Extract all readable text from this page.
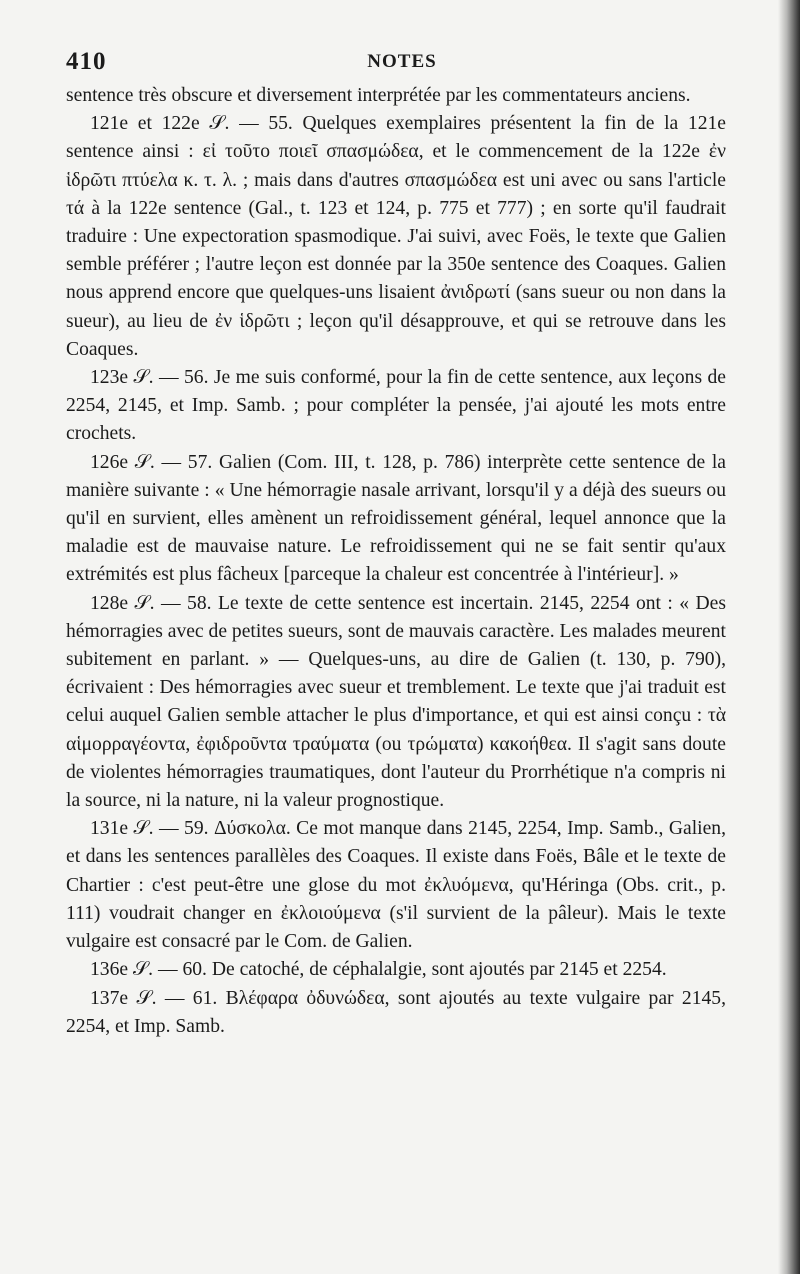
410	NOTES

sentence très obscure et diversement interprétée par les commentateurs anciens.

121e et 122e 𝒮. — 55. Quelques exemplaires présentent la fin de la 121e sentence ainsi : εἰ τοῦτο ποιεῖ σπασμώδεα, et le commencement de la 122e ἐν ἱδρῶτι πτύελα κ. τ. λ. ; mais dans d'autres σπασμώδεα est uni avec ou sans l'article τά à la 122e sentence (Gal., t. 123 et 124, p. 775 et 777) ; en sorte qu'il faudrait traduire : Une expectoration spasmodique. J'ai suivi, avec Foës, le texte que Galien semble préférer ; l'autre leçon est donnée par la 350e sentence des Coaques. Galien nous apprend encore que quelques-uns lisaient ἀνιδρωτί (sans sueur ou non dans la sueur), au lieu de ἐν ἱδρῶτι ; leçon qu'il désapprouve, et qui se retrouve dans les Coaques.

123e 𝒮. — 56. Je me suis conformé, pour la fin de cette sentence, aux leçons de 2254, 2145, et Imp. Samb. ; pour compléter la pensée, j'ai ajouté les mots entre crochets.

126e 𝒮. — 57. Galien (Com. III, t. 128, p. 786) interprète cette sentence de la manière suivante : « Une hémorragie nasale arrivant, lorsqu'il y a déjà des sueurs ou qu'il en survient, elles amènent un refroidissement général, lequel annonce que la maladie est de mauvaise nature. Le refroidissement qui ne se fait sentir qu'aux extrémités est plus fâcheux [parceque la chaleur est concentrée à l'intérieur]. »

128e 𝒮. — 58. Le texte de cette sentence est incertain. 2145, 2254 ont : « Des hémorragies avec de petites sueurs, sont de mauvais caractère. Les malades meurent subitement en parlant. » — Quelques-uns, au dire de Galien (t. 130, p. 790), écrivaient : Des hémorragies avec sueur et tremblement. Le texte que j'ai traduit est celui auquel Galien semble attacher le plus d'importance, et qui est ainsi conçu : τὰ αἱμορραγέοντα, ἐφιδροῦντα τραύματα (ou τρώματα) κακοήθεα. Il s'agit sans doute de violentes hémorragies traumatiques, dont l'auteur du Prorrhétique n'a compris ni la source, ni la nature, ni la valeur prognostique.

131e 𝒮. — 59. Δύσκολα. Ce mot manque dans 2145, 2254, Imp. Samb., Galien, et dans les sentences parallèles des Coaques. Il existe dans Foës, Bâle et le texte de Chartier : c'est peut-être une glose du mot ἐκλυόμενα, qu'Héringa (Obs. crit., p. 111) voudrait changer en ἐκλοιούμενα (s'il survient de la pâleur). Mais le texte vulgaire est consacré par le Com. de Galien.

136e 𝒮. — 60. De catoché, de céphalalgie, sont ajoutés par 2145 et 2254.

137e 𝒮. — 61. Βλέφαρα ὀδυνώδεα, sont ajoutés au texte vulgaire par 2145, 2254, et Imp. Samb.
